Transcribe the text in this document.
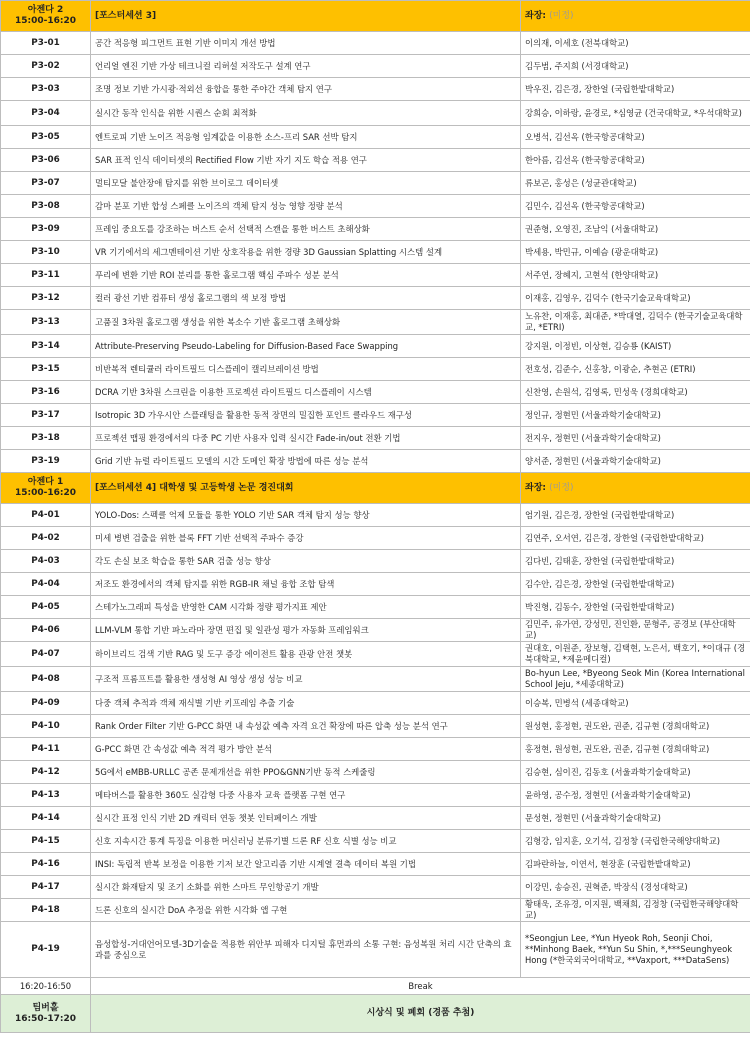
아젠다 2
15:00-16:20	[포스터세션 3]	좌장: (미정)
P3-01	공간 적응형 피그먼트 표현 기반 이미지 개선 방법	이의재, 이세호 (전북대학교)
P3-02	언리얼 엔진 기반 가상 테크니컬 리허설 저작도구 설계 연구	김두범, 주지희 (서경대학교)
P3-03	조명 정보 기반 가시광·적외선 융합을 통한 주야간 객체 탐지 연구	박우진, 김은경, 장한얼 (국립한밭대학교)
P3-04	실시간 동작 인식을 위한 시퀀스 순회 최적화	강희승, 이하랑, 윤경로, *심영균 (건국대학교, *우석대학교)
P3-05	엔트로피 기반 노이즈 적응형 임계값을 이용한 소스-프리 SAR 선박 탐지	오병석, 김선옥 (한국항공대학교)
P3-06	SAR 표적 인식 데이터셋의 Rectified Flow 기반 자기 지도 학습 적용 연구	한아름, 김선옥 (한국항공대학교)
P3-07	멀티모달 불안장애 탐지를 위한 브이로그 데이터셋	류보곤, 홍성은 (성균관대학교)
P3-08	감마 분포 기반 합성 스페클 노이즈의 객체 탐지 성능 영향 정량 분석	김민수, 김선옥 (한국항공대학교)
P3-09	프레임 중요도를 강조하는 버스트 순서 선택적 스캔을 통한 버스트 초해상화	권준형, 오영진, 조남익 (서울대학교)
P3-10	VR 기기에서의 세그멘테이션 기반 상호작용을 위한 경량 3D Gaussian Splatting 시스템 설계	박세용, 박민규, 이예슴 (광운대학교)
P3-11	푸리에 변환 기반 ROI 분리를 통한 홀로그램 핵심 주파수 성분 분석	서주연, 장혜지, 고현석 (한양대학교)
P3-12	컬러 광선 기반 컴퓨터 생성 홀로그램의 색 보정 방법	이재홍, 김영우, 김덕수 (한국기술교육대학교)
P3-13	고품질 3차원 홀로그램 생성을 위한 복소수 기반 홀로그램 초해상화	노유찬, 이재홍, 최대준, *박대열, 김덕수 (한국기술교육대학교, *ETRI)
P3-14	Attribute-Preserving Pseudo-Labeling for Diffusion-Based Face Swapping	강지원, 이정빈, 이상현, 김승룡 (KAIST)
P3-15	비반복적 렌티큘러 라이트필드 디스플레이 캘리브레이션 방법	전호성, 김준수, 신홍창, 이광순, 추현곤 (ETRI)
P3-16	DCRA 기반 3차원 스크린을 이용한 프로젝션 라이트필드 디스플레이 시스템	신찬영, 손원석, 김영록, 민성욱 (경희대학교)
P3-17	Isotropic 3D 가우시안 스플래팅을 활용한 동적 장면의 밀집한 포인트 클라우드 재구성	정인규, 정현민 (서울과학기술대학교)
P3-18	프로젝션 맵핑 환경에서의 다중 PC 기반 사용자 입력 실시간 Fade-in/out 전환 기법	전지우, 정현민 (서울과학기술대학교)
P3-19	Grid 기반 뉴럴 라이트필드 모델의 시간 도메인 확장 방법에 따른 성능 분석	양서준, 정현민 (서울과학기술대학교)

아젠다 1
15:00-16:20	[포스터세션 4] 대학생 및 고등학생 논문 경진대회	좌장: (미정)
P4-01	YOLO-Dos: 스펙클 억제 모듈을 통한 YOLO 기반 SAR 객체 탐지 성능 향상	엄기원, 김은경, 장한얼 (국립한밭대학교)
P4-02	미세 병변 검출을 위한 블록 FFT 기반 선택적 주파수 증강	김연주, 오서연, 김은경, 장한얼 (국립한밭대학교)
P4-03	각도 손실 보조 학습을 통한 SAR 검출 성능 향상	김다빈, 김태훈, 장한얼 (국립한밭대학교)
P4-04	저조도 환경에서의 객체 탐지를 위한 RGB-IR 채널 융합 조합 탐색	김수안, 김은경, 장한얼 (국립한밭대학교)
P4-05	스테가노그래피 특성을 반영한 CAM 시각화 정량 평가지표 제안	박진형, 김동수, 장한얼 (국립한밭대학교)
P4-06	LLM-VLM 통합 기반 파노라마 장면 편집 및 일관성 평가 자동화 프레임워크	김민주, 유가연, 강성민, 진인환, 문형주, 공경보 (부산대학교)
P4-07	하이브리드 검색 기반 RAG 및 도구 증강 에이전트 활용 관광 안전 챗봇	권대호, 이원준, 장보형, 김택현, 노은서, 백호기, *이대규 (경북대학교, *제윤메디컬)
P4-08	구조적 프롬프트를 활용한 생성형 AI 영상 생성 성능 비교	Bo-hyun Lee, *Byeong Seok Min (Korea International School Jeju, *세종대학교)
P4-09	다중 객체 추적과 객체 재식별 기반 키프레임 추출 기술	이승복, 민병석 (세종대학교)
P4-10	Rank Order Filter 기반 G-PCC 화면 내 속성값 예측 자격 요건 확장에 따른 압축 성능 분석 연구	원성현, 홍정현, 권도완, 권준, 김규현 (경희대학교)
P4-11	G-PCC 화면 간 속성값 예측 적격 평가 방안 분석	홍정현, 원성현, 권도완, 권준, 김규현 (경희대학교)
P4-12	5G에서 eMBB-URLLC 공존 문제개선을 위한 PPO&GNN기반 동적 스케줄링	김승현, 심이진, 김동호 (서울과학기술대학교)
P4-13	메타버스를 활용한 360도 실감형 다중 사용자 교육 플랫폼 구현 연구	윤하영, 공수정, 정현민 (서울과학기술대학교)
P4-14	실시간 표정 인식 기반 2D 캐릭터 연동 챗봇 인터페이스 개발	문성현, 정현민 (서울과학기술대학교)
P4-15	신호 지속시간 통계 특징을 이용한 머신러닝 분류기별 드론 RF 신호 식별 성능 비교	김형강, 임지훈, 오기석, 김정창 (국립한국해양대학교)
P4-16	INSI: 독립적 반복 보정을 이용한 기저 보간 알고리즘 기반 시계열 결측 데이터 복원 기법	김파란하늘, 이연서, 현장훈 (국립한밭대학교)
P4-17	실시간 화재탐지 및 조기 소화를 위한 스마트 무인항공기 개발	이강민, 송승진, 권혁준, 박장식 (경성대학교)
P4-18	드론 신호의 실시간 DoA 추정을 위한 시각화 앱 구현	황태욱, 조유경, 이지원, 백채희, 김정창 (국립한국해양대학교)
P4-19	음성합성-거대언어모델-3D기술을 적용한 위안부 피해자 디지털 휴먼과의 소통 구현: 음성복원 처리 시간 단축의 효과를 중심으로	*Seongjun Lee, *Yun Hyeok Roh, Seonji Choi, **Minhong Baek, **Yun Su Shin, *,***Seunghyeok Hong (*한국외국어대학교, **Vaxport, ***DataSens)
16:20-16:50	Break	

팀버홀
16:50-17:20	시상식 및 폐회 (경품 추첨)	
